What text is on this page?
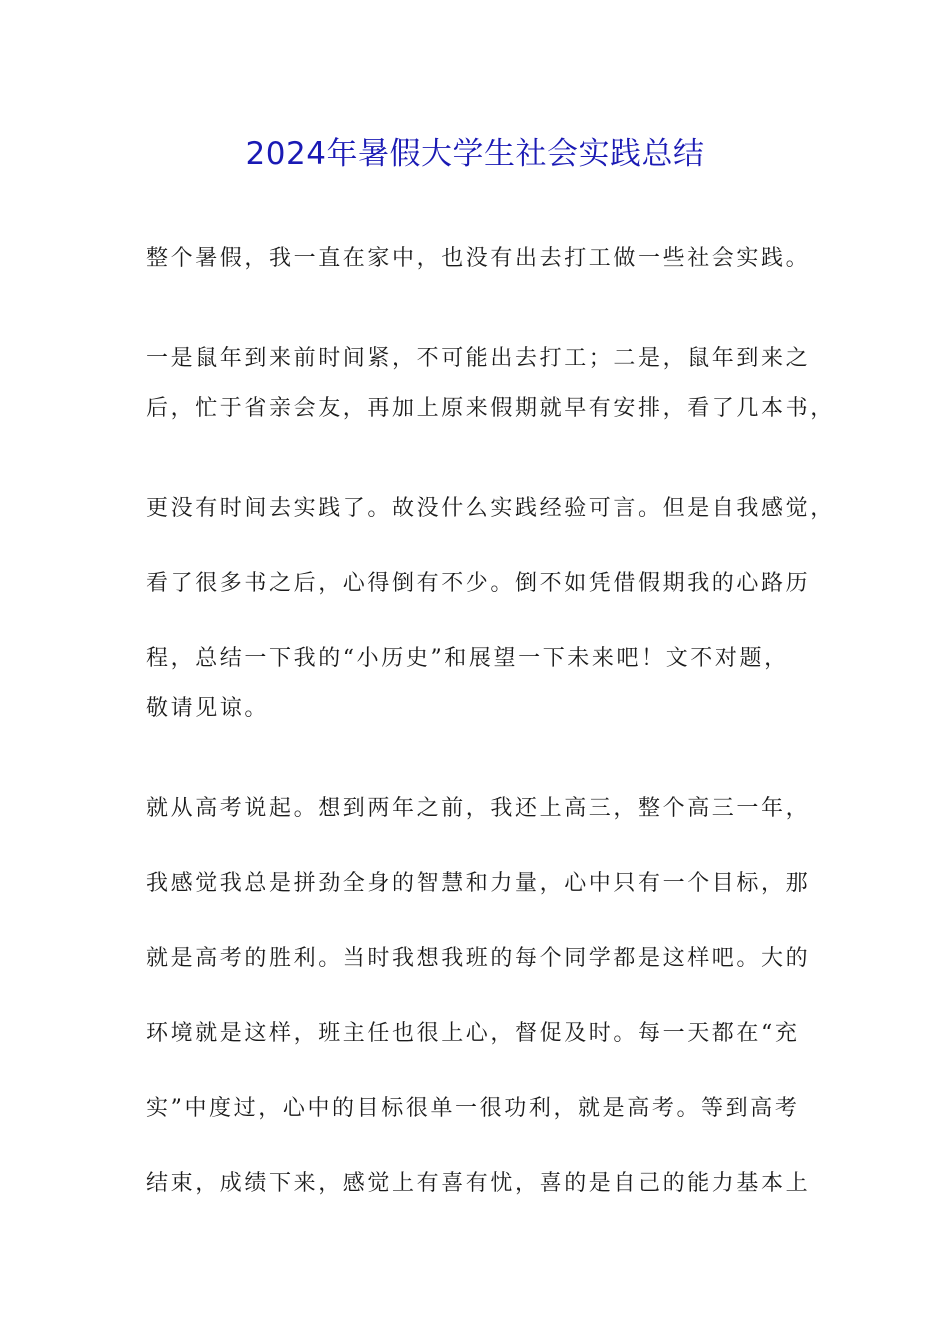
2024年暑假大学生社会实践总结

整个暑假，我一直在家中，也没有出去打工做一些社会实践。

一是鼠年到来前时间紧，不可能出去打工；二是，鼠年到来之

后，忙于省亲会友，再加上原来假期就早有安排，看了几本书，

更没有时间去实践了。故没什么实践经验可言。但是自我感觉，

看了很多书之后，心得倒有不少。倒不如凭借假期我的心路历

程，总结一下我的“小历史”和展望一下未来吧！文不对题，

敬请见谅。

就从高考说起。想到两年之前，我还上高三，整个高三一年，

我感觉我总是拼劲全身的智慧和力量，心中只有一个目标，那

就是高考的胜利。当时我想我班的每个同学都是这样吧。大的

环境就是这样，班主任也很上心，督促及时。每一天都在“充

实”中度过，心中的目标很单一很功利，就是高考。等到高考

结束，成绩下来，感觉上有喜有忧，喜的是自己的能力基本上
